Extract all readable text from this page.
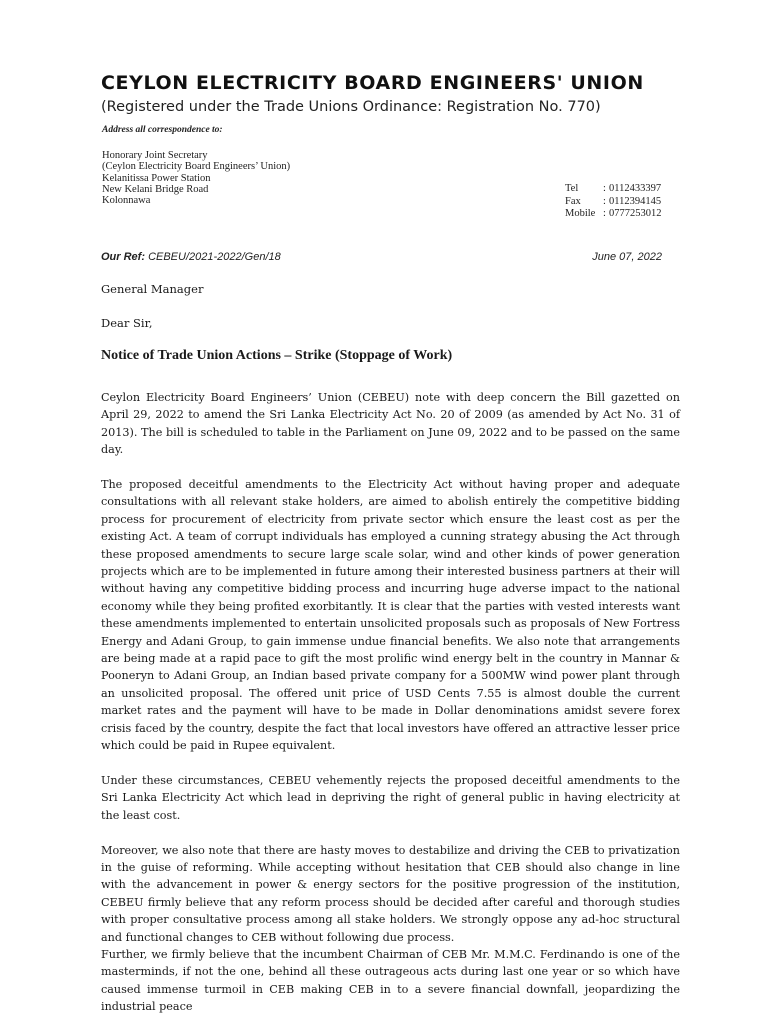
CEYLON ELECTRICITY BOARD ENGINEERS' UNION
(Registered under the Trade Unions Ordinance: Registration No. 770)
Address all correspondence to:
Honorary Joint Secretary
(Ceylon Electricity Board Engineers’ Union)
Kelanitissa Power Station
New Kelani Bridge Road
Kolonnawa
Tel	: 0112433397
Fax	: 0112394145
Mobile : 0777253012
Our Ref: CEBEU/2021-2022/Gen/18	June 07, 2022
General Manager
Dear Sir,
Notice of Trade Union Actions – Strike (Stoppage of Work)

Ceylon Electricity Board Engineers’ Union (CEBEU) note with deep concern the Bill gazetted on April 29, 2022 to amend the Sri Lanka Electricity Act No. 20 of 2009 (as amended by Act No. 31 of 2013). The bill is scheduled to table in the Parliament on June 09, 2022 and to be passed on the same day.

The proposed deceitful amendments to the Electricity Act without having proper and adequate consultations with all relevant stake holders, are aimed to abolish entirely the competitive bidding process for procurement of electricity from private sector which ensure the least cost as per the existing Act. A team of corrupt individuals has employed a cunning strategy abusing the Act through these proposed amendments to secure large scale solar, wind and other kinds of power generation projects which are to be implemented in future among their interested business partners at their will without having any competitive bidding process and incurring huge adverse impact to the national economy while they being profited exorbitantly. It is clear that the parties with vested interests want these amendments implemented to entertain unsolicited proposals such as proposals of New Fortress Energy and Adani Group, to gain immense undue financial benefits. We also note that arrangements are being made at a rapid pace to gift the most prolific wind energy belt in the country in Mannar & Pooneryn to Adani Group, an Indian based private company for a 500MW wind power plant through an unsolicited proposal. The offered unit price of USD Cents 7.55 is almost double the current market rates and the payment will have to be made in Dollar denominations amidst severe forex crisis faced by the country, despite the fact that local investors have offered an attractive lesser price which could be paid in Rupee equivalent.

Under these circumstances, CEBEU vehemently rejects the proposed deceitful amendments to the Sri Lanka Electricity Act which lead in depriving the right of general public in having electricity at the least cost.

Moreover, we also note that there are hasty moves to destabilize and driving the CEB to privatization in the guise of reforming. While accepting without hesitation that CEB should also change in line with the advancement in power & energy sectors for the positive progression of the institution, CEBEU firmly believe that any reform process should be decided after careful and thorough studies with proper consultative process among all stake holders. We strongly oppose any ad-hoc structural and functional changes to CEB without following due process.

Further, we firmly believe that the incumbent Chairman of CEB Mr. M.M.C. Ferdinando is one of the masterminds, if not the one, behind all these outrageous acts during last one year or so which have caused immense turmoil in CEB making CEB in to a severe financial downfall, jeopardizing the industrial peace
